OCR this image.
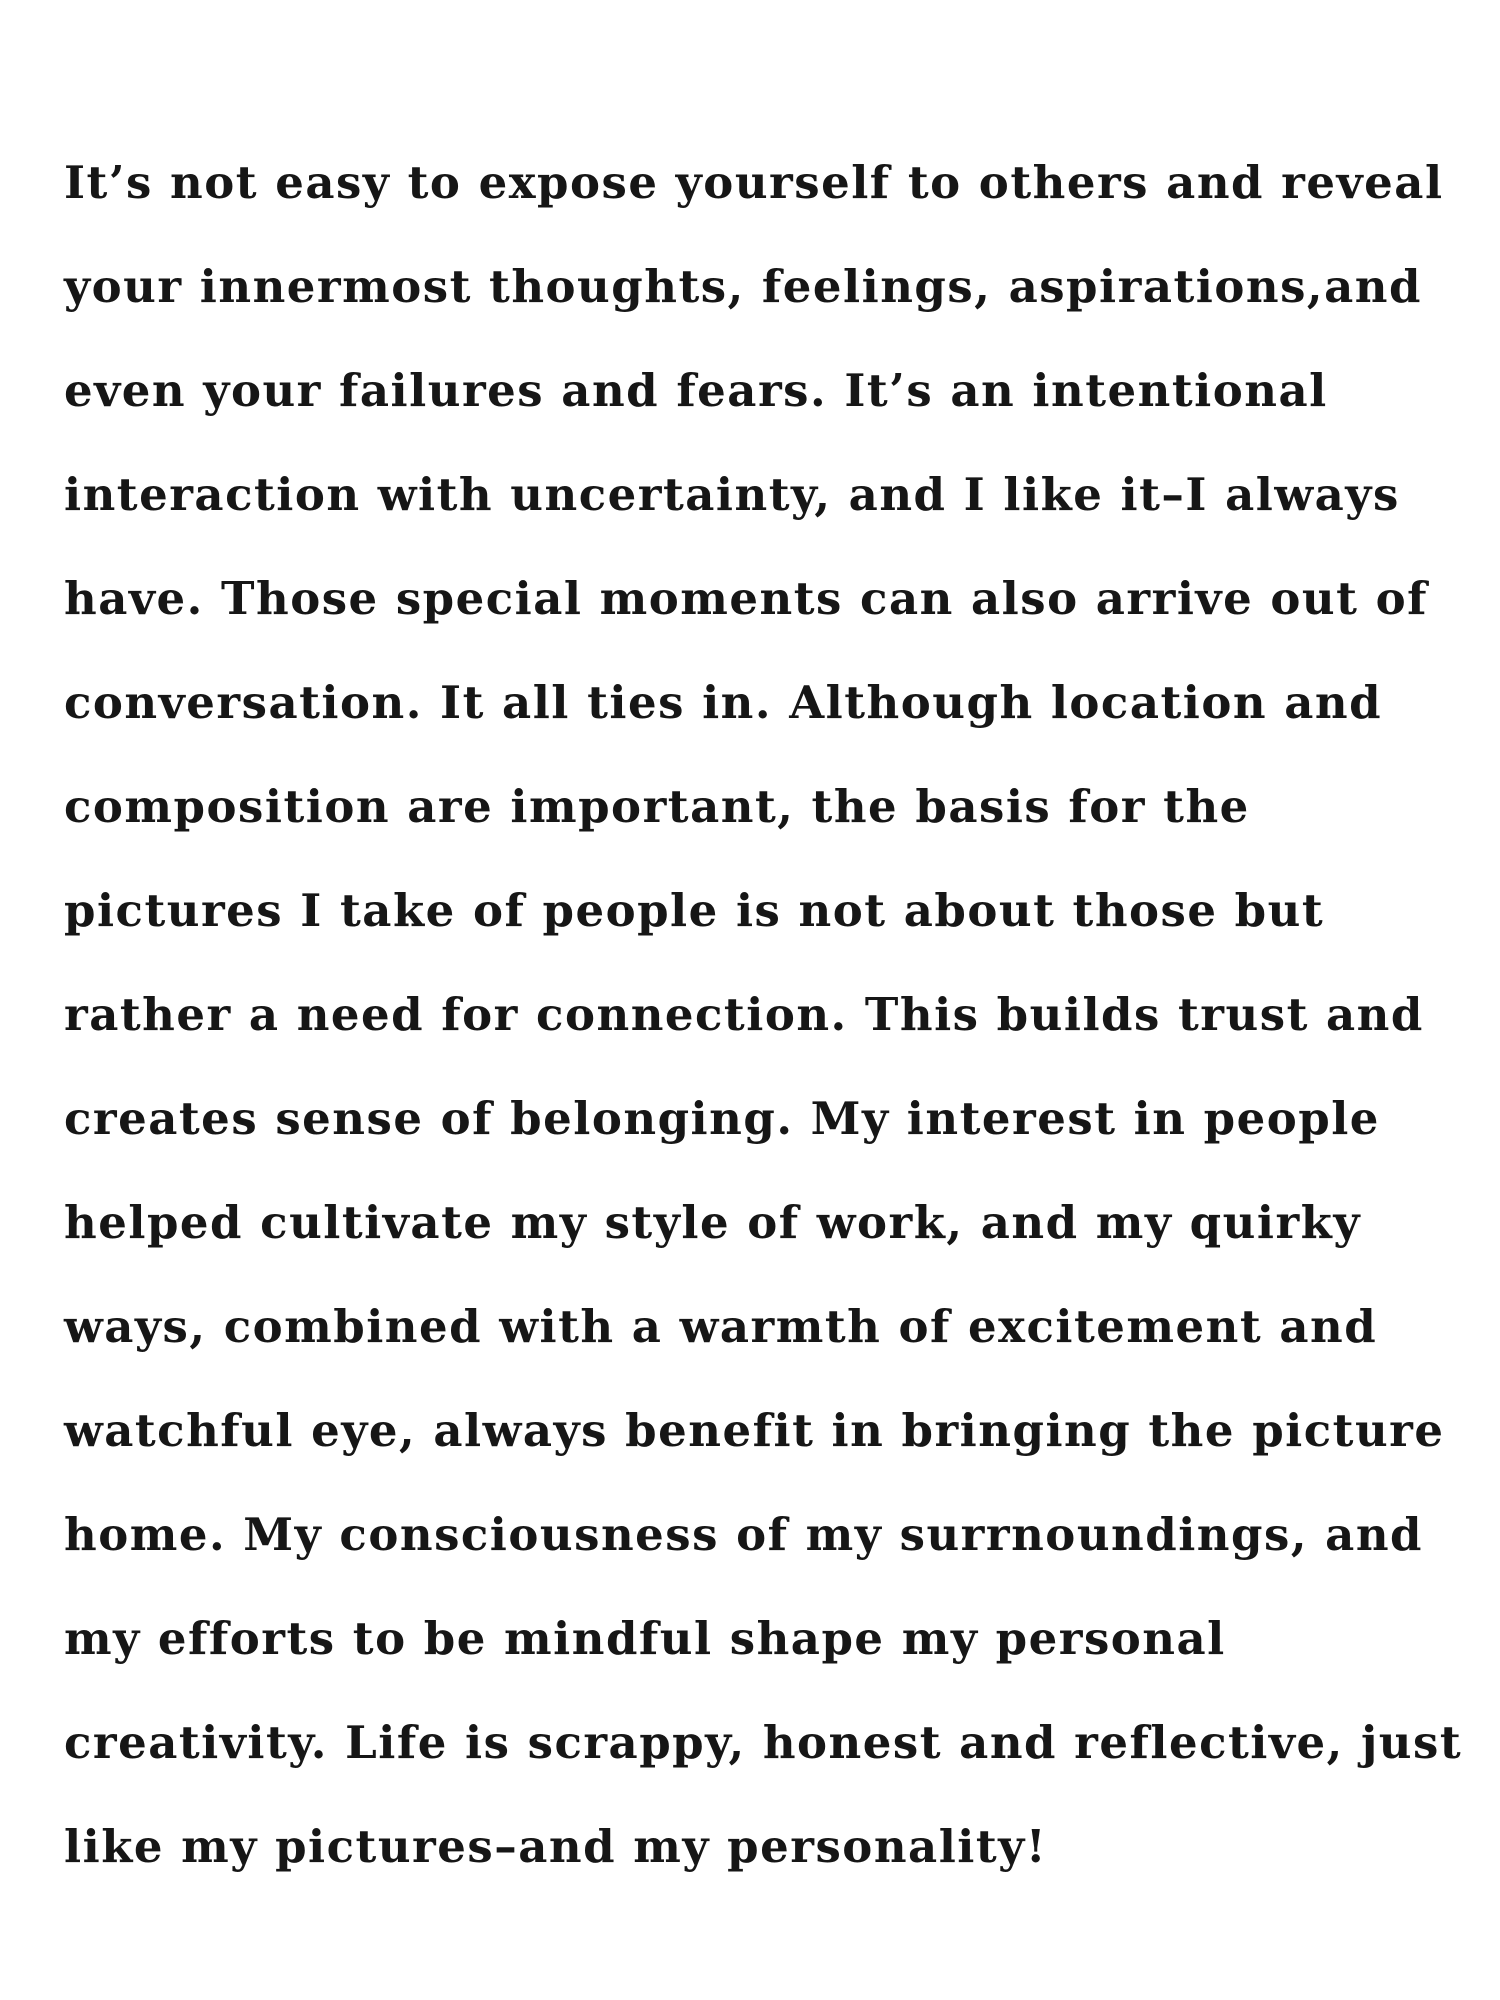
It’s not easy to expose yourself to others and reveal
your innermost thoughts, feelings, aspirations,and
even your failures and fears. It’s an intentional
interaction with uncertainty, and I like it–I always
have. Those special moments can also arrive out of
conversation. It all ties in. Although location and
composition are important, the basis for the
pictures I take of people is not about those but
rather a need for connection. This builds trust and
creates sense of belonging. My interest in people
helped cultivate my style of work, and my quirky
ways, combined with a warmth of excitement and
watchful eye, always benefit in bringing the picture
home. My consciousness of my surrnoundings, and
my efforts to be mindful shape my personal
creativity. Life is scrappy, honest and reflective, just
like my pictures–and my personality!
